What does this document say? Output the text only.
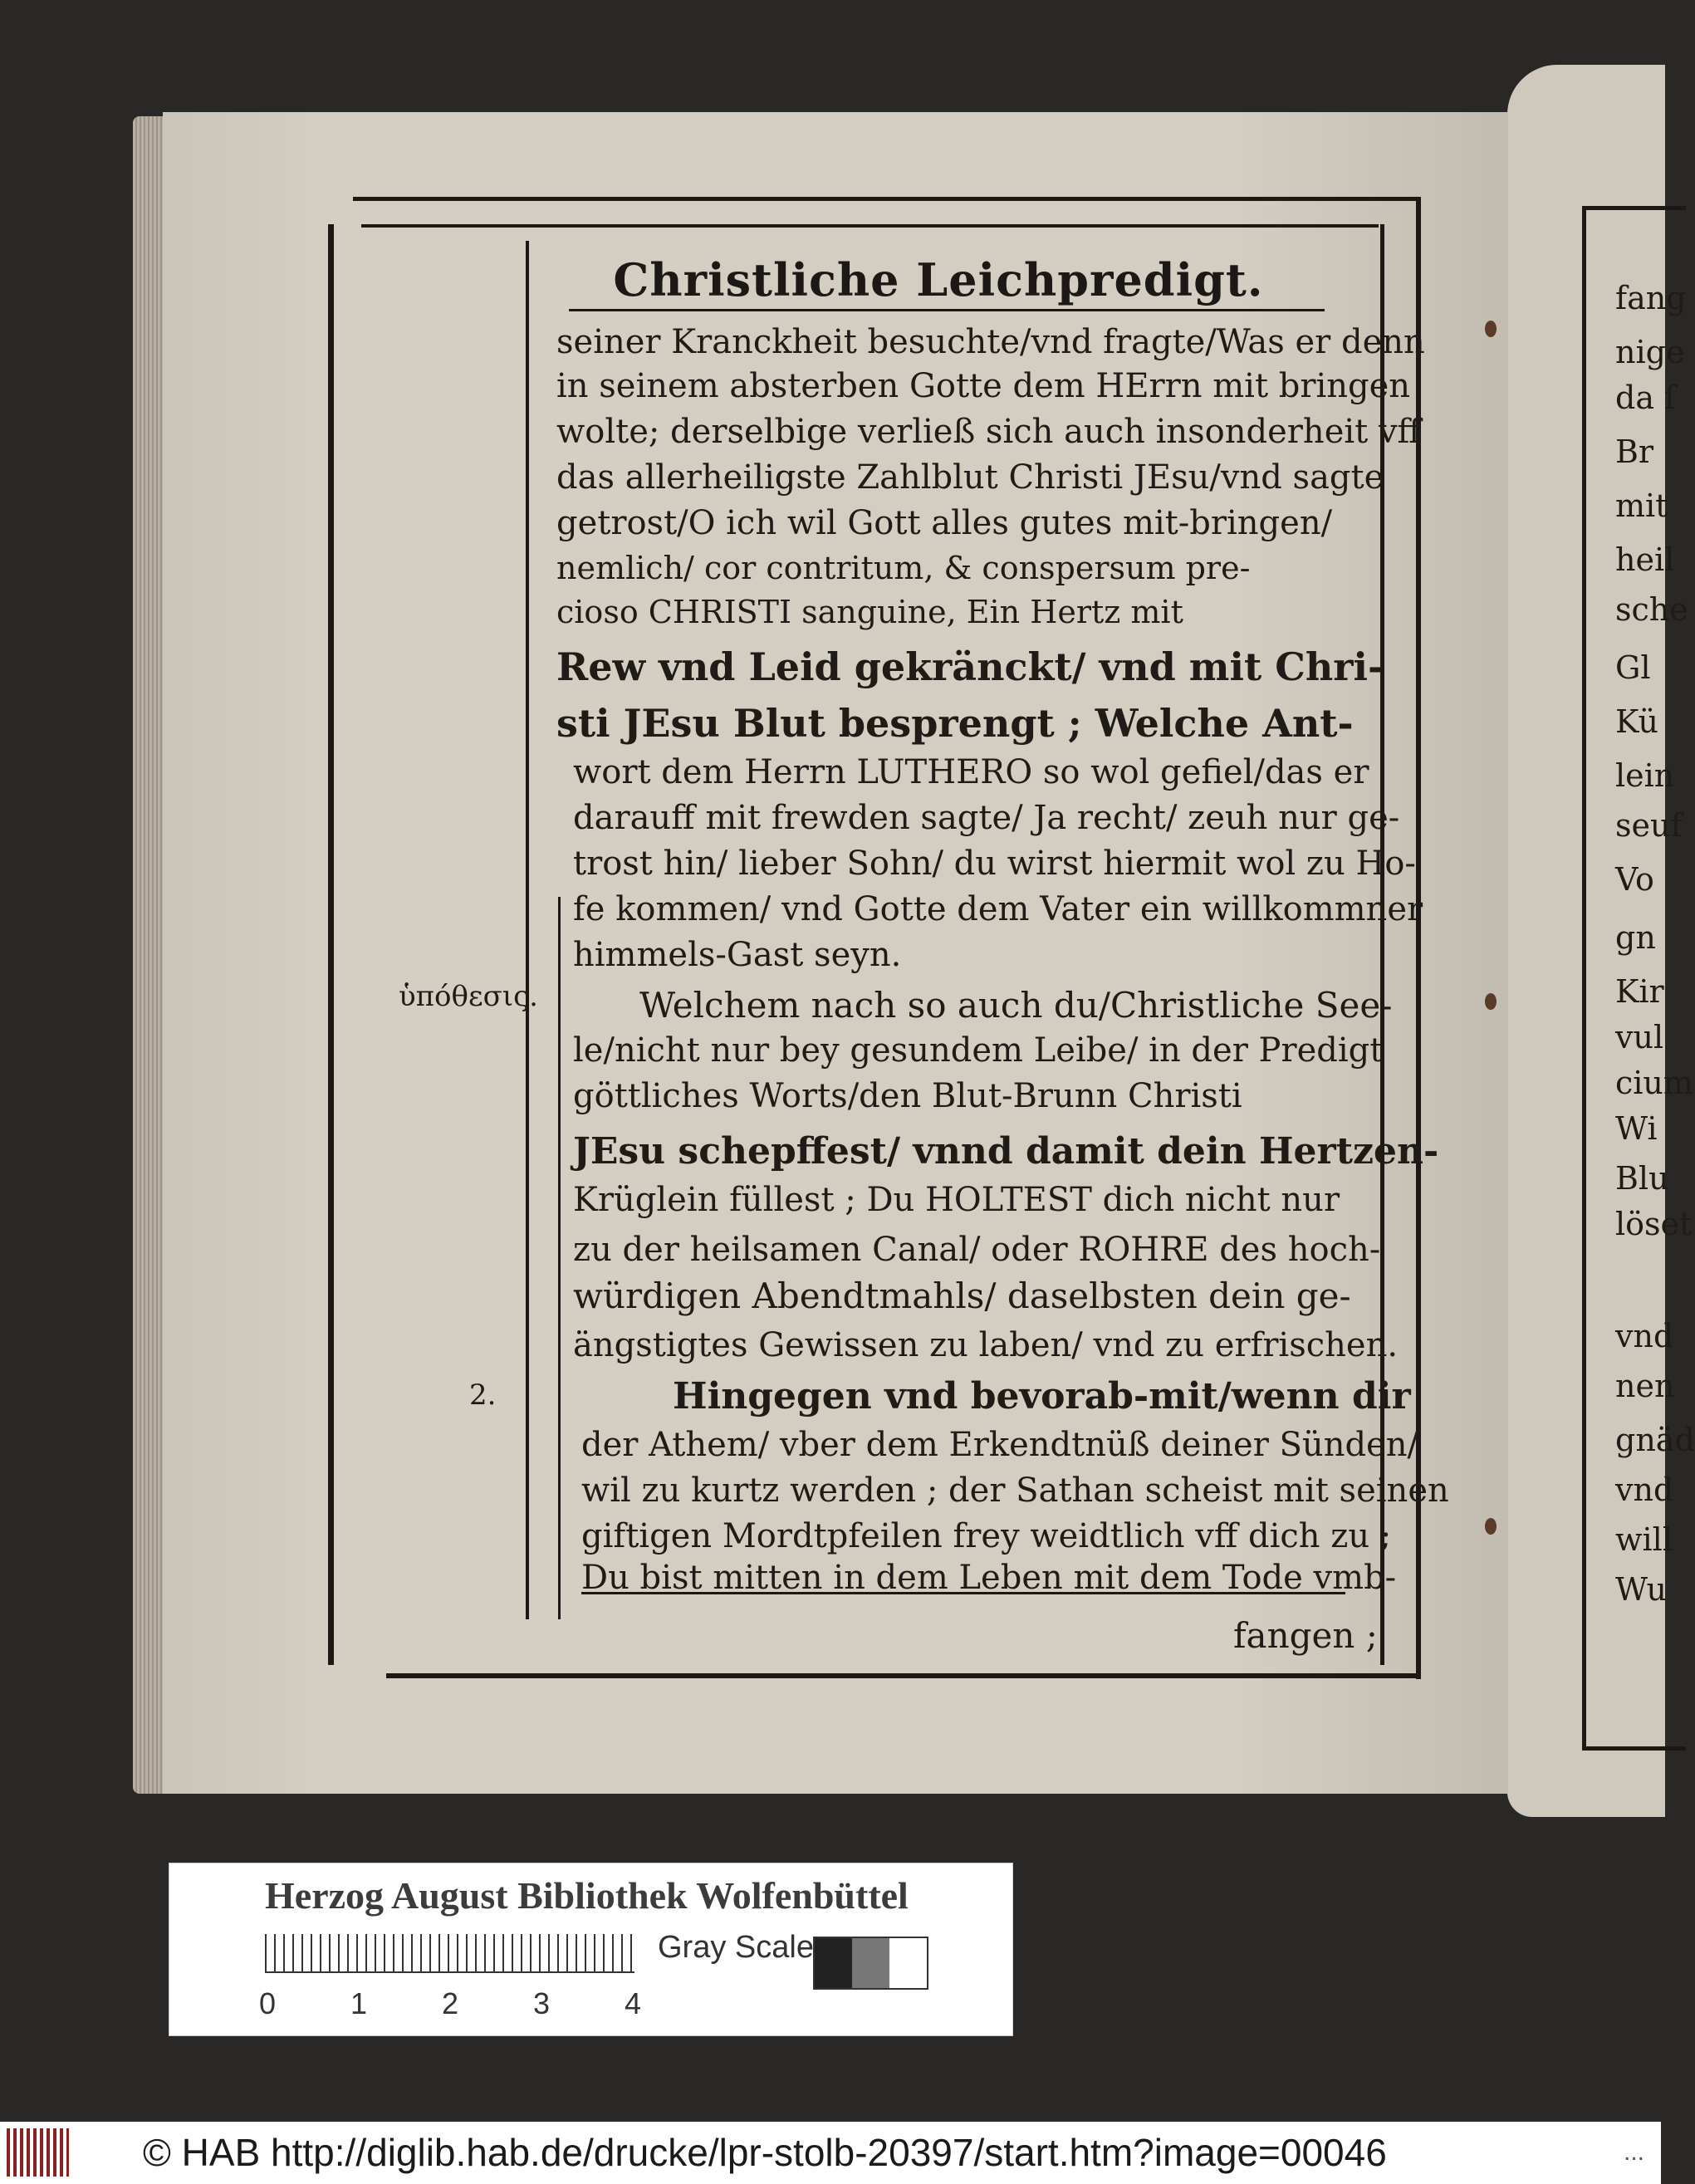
fang
nige
da ſ
Br
mit
heil
sche
Gl
Kü
lein
seuf
Vo
gn
Kir
vul
cium
Wi
Blu
löset
vnd
nen
gnäd
vnd
will
Wu
Christliche Leichpredigt.
seiner Kranckheit besuchte/vnd fragte/Was er denn
in seinem absterben Gotte dem HErrn mit bringen
wolte; derselbige verließ sich auch insonderheit vff
das allerheiligste Zahlblut Christi JEsu/vnd sagte
getrost/O ich wil Gott alles gutes mit-bringen/
nemlich/ cor contritum, & conspersum pre-
cioso CHRISTI sanguine, Ein Hertz mit
Rew vnd Leid gekränckt/ vnd mit Chri-
sti JEsu Blut besprengt ; Welche Ant-
wort dem Herrn LUTHERO so wol gefiel/das er
darauff mit frewden sagte/ Ja recht/ zeuh nur ge-
trost hin/ lieber Sohn/ du wirst hiermit wol zu Ho-
fe kommen/ vnd Gotte dem Vater ein willkommner
himmels-Gast seyn.
Welchem nach so auch du/Christliche See-
le/nicht nur bey gesundem Leibe/ in der Predigt
göttliches Worts/den Blut-Brunn Christi
JEsu schepffest/ vnnd damit dein Hertzen-
Krüglein füllest ; Du HOLTEST dich nicht nur
zu der heilsamen Canal/ oder ROHRE des hoch-
würdigen Abendtmahls/ daselbsten dein ge-
ängstigtes Gewissen zu laben/ vnd zu erfrischen.
Hingegen vnd bevorab-mit/wenn dir
der Athem/ vber dem Erkendtnüß deiner Sünden/
wil zu kurtz werden ; der Sathan scheist mit seinen
giftigen Mordtpfeilen frey weidtlich vff dich zu ;
Du bist mitten in dem Leben mit dem Tode vmb-
ὑπόθεσις.
2.
fangen ;
Herzog August Bibliothek Wolfenbüttel
0 1 2 3 4
Gray Scale
© HAB http://diglib.hab.de/drucke/lpr-stolb-20397/start.htm?image=00046	...
